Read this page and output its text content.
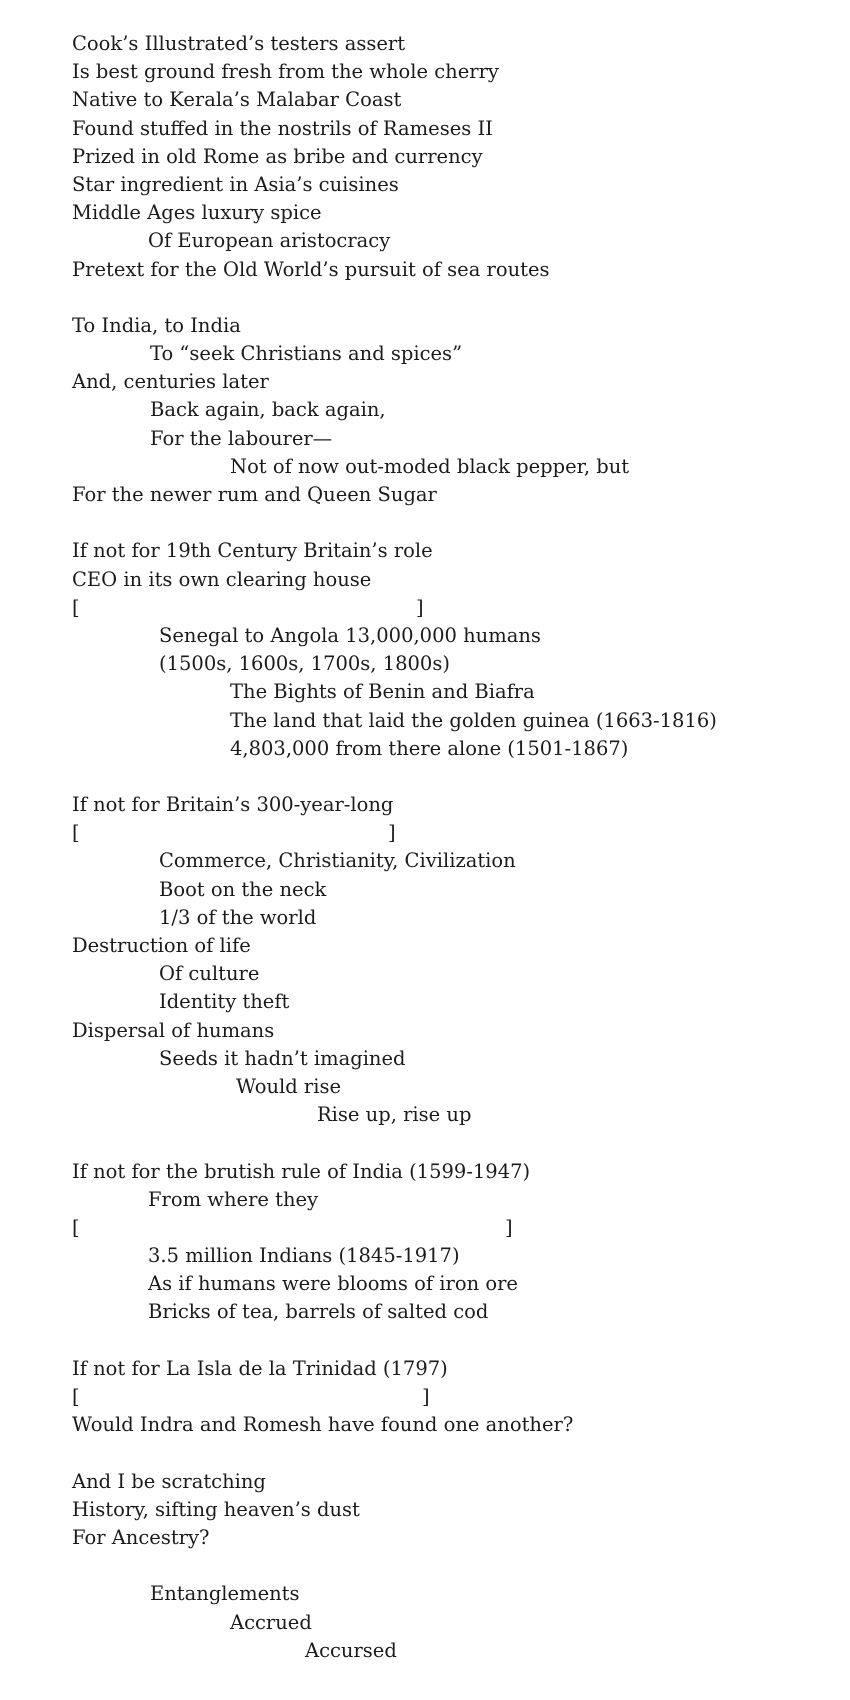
Cook’s Illustrated’s testers assert
Is best ground fresh from the whole cherry
Native to Kerala’s Malabar Coast
Found stuffed in the nostrils of Rameses II
Prized in old Rome as bribe and currency
Star ingredient in Asia’s cuisines
Middle Ages luxury spice
Of European aristocracy
Pretext for the Old World’s pursuit of sea routes
To India, to India
To “seek Christians and spices”
And, centuries later
Back again, back again,
For the labourer—
Not of now out-moded black pepper, but
For the newer rum and Queen Sugar
If not for 19th Century Britain’s role
CEO in its own clearing house
[	]
Senegal to Angola 13,000,000 humans
(1500s, 1600s, 1700s, 1800s)
The Bights of Benin and Biafra
The land that laid the golden guinea (1663-1816)
4,803,000 from there alone (1501-1867)
If not for Britain’s 300-year-long
[	]
Commerce, Christianity, Civilization
Boot on the neck
1/3 of the world
Destruction of life
Of culture
Identity theft
Dispersal of humans
Seeds it hadn’t imagined
Would rise
Rise up, rise up
If not for the brutish rule of India (1599-1947)
From where they
[	]
3.5 million Indians (1845-1917)
As if humans were blooms of iron ore
Bricks of tea, barrels of salted cod
If not for La Isla de la Trinidad (1797)
[	]
Would Indra and Romesh have found one another?
And I be scratching
History, sifting heaven’s dust
For Ancestry?
Entanglements
Accrued
Accursed
